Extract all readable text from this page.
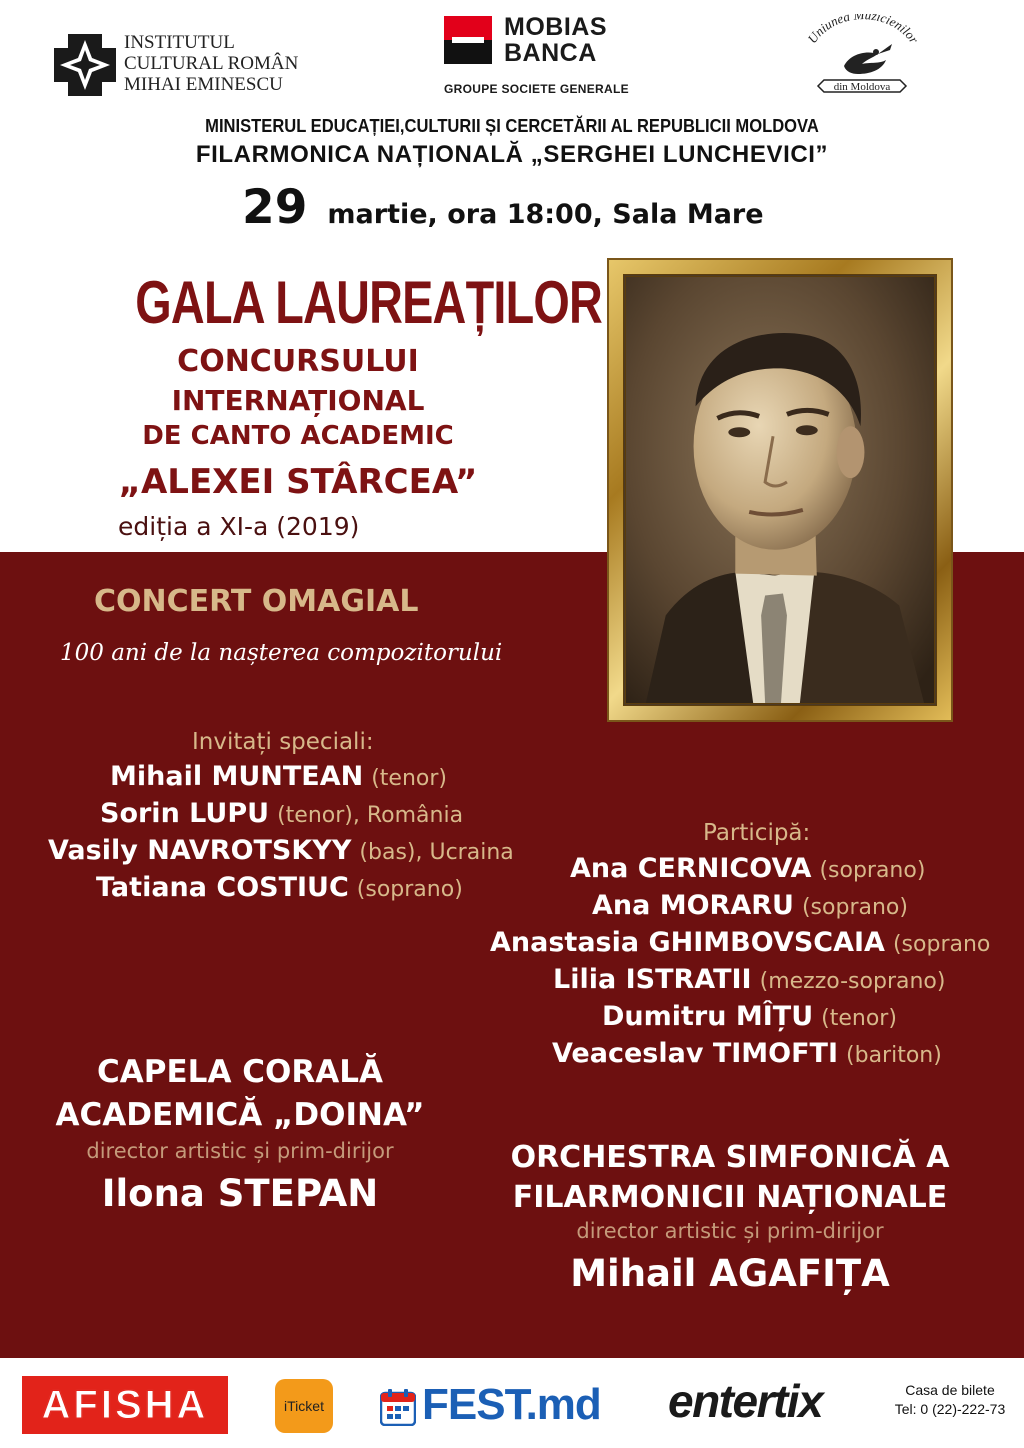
INSTITUTUL
CULTURAL ROMÂN
MIHAI EMINESCU
MOBIAS
BANCA
GROUPE SOCIETE GENERALE
Uniunea Muzicienilor
din Moldova
MINISTERUL EDUCAȚIEI,CULTURII ȘI CERCETĂRII AL REPUBLICII MOLDOVA
FILARMONICA NAȚIONALĂ „SERGHEI LUNCHEVICI”
29 martie, ora 18:00, Sala Mare
GALA LAUREAȚILOR
CONCURSULUI
INTERNAȚIONAL
DE CANTO ACADEMIC
„ALEXEI STÂRCEA”
ediția a XI-a (2019)
CONCERT OMAGIAL
100 ani de la nașterea compozitorului
Invitați speciali:
Mihail MUNTEAN (tenor)
Sorin LUPU (tenor), România
Vasily NAVROTSKYY (bas), Ucraina
Tatiana COSTIUC (soprano)
Participă:
Ana CERNICOVA (soprano)
Ana MORARU (soprano)
Anastasia GHIMBOVSCAIA (soprano
Lilia ISTRATII (mezzo-soprano)
Dumitru MÎȚU (tenor)
Veaceslav TIMOFTI (bariton)
CAPELA CORALĂ
ACADEMICĂ „DOINA”
director artistic și prim-dirijor
Ilona STEPAN
ORCHESTRA SIMFONICĂ A
FILARMONICII NAȚIONALE
director artistic și prim-dirijor
Mihail AGAFIȚA
AFISHA	iTicket FEST.md entertix	Casa de bilete
Tel: 0 (22)-222-73
